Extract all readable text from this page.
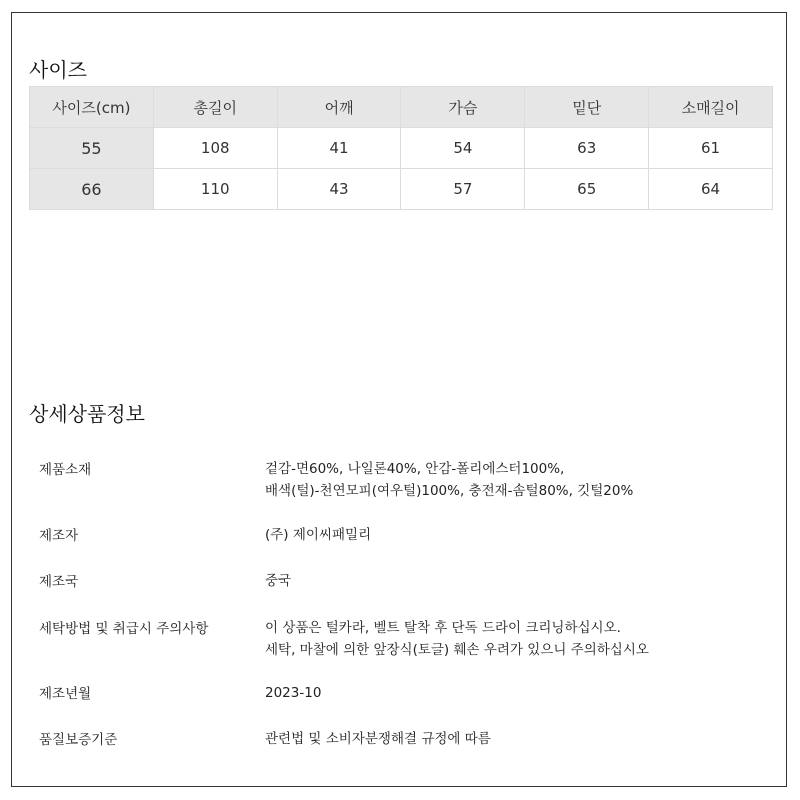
사이즈
사이즈(cm)	총길이	어깨	가슴	밑단	소매길이
55	108	41	54	63	61
66	110	43	57	65	64
상세상품정보
제품소재	겉감-면60%, 나일론40%, 안감-폴리에스터100%,
배색(털)-천연모피(여우털)100%, 충전재-솜털80%, 깃털20%
제조자	(주) 제이씨패밀리
제조국	중국
세탁방법 및 취급시 주의사항	이 상품은 털카라, 벨트 탈착 후 단독 드라이 크리닝하십시오.
세탁, 마찰에 의한 앞장식(토글) 훼손 우려가 있으니 주의하십시오
제조년월	2023-10
품질보증기준	관련법 및 소비자분쟁해결 규정에 따름
